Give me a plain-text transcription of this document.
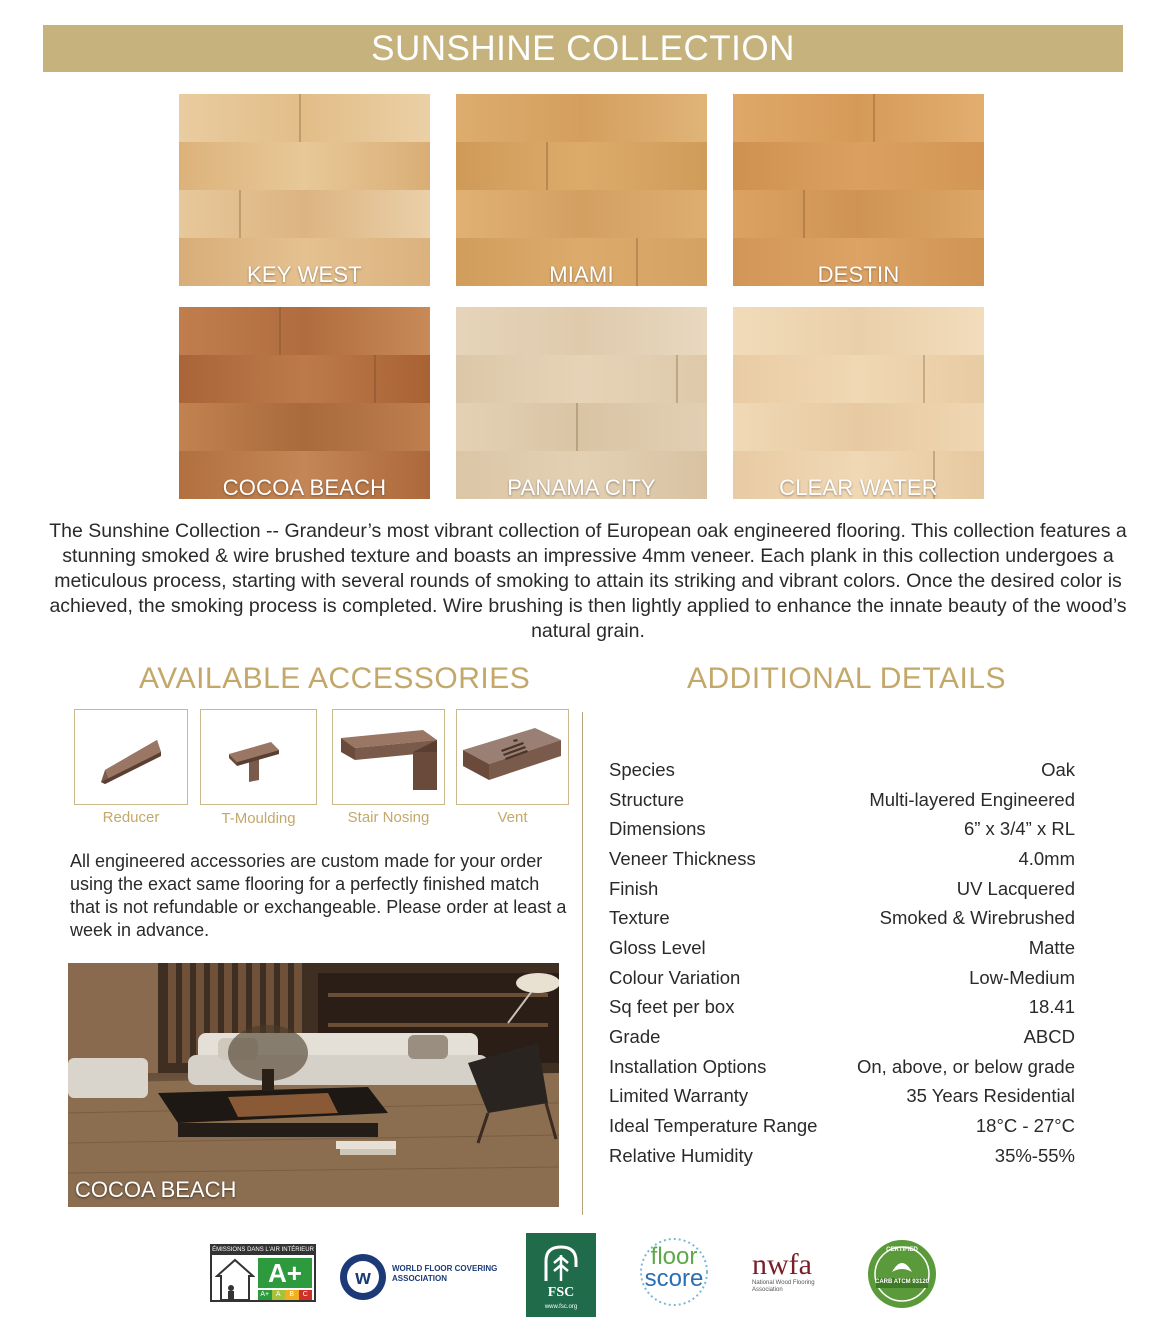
SUNSHINE COLLECTION
KEY WEST	MIAMI	DESTIN
COCOA BEACH	PANAMA CITY	CLEAR WATER

The Sunshine Collection -- Grandeur’s most vibrant collection of European oak engineered flooring. This collection features a stunning smoked & wire brushed texture and boasts an impressive 4mm veneer. Each plank in this collection undergoes a meticulous process, starting with several rounds of smoking to attain its striking and vibrant colors. Once the desired color is achieved, the smoking process is completed. Wire brushing is then lightly applied to enhance the innate beauty of the wood’s natural grain.

AVAILABLE ACCESSORIES	ADDITIONAL DETAILS
Reducer	T-Moulding	Stair Nosing	Vent

All engineered accessories are custom made for your order using the exact same flooring for a perfectly finished match that is not refundable or exchangeable. Please order at least a week in advance.

COCOA BEACH
Species	Oak
Structure	Multi-layered Engineered
Dimensions	6” x 3/4” x RL
Veneer Thickness	4.0mm
Finish	UV Lacquered
Texture	Smoked & Wirebrushed
Gloss Level	Matte
Colour Variation	Low-Medium
Sq feet per box	18.41
Grade	ABCD
Installation Options	On, above, or below grade
Limited Warranty	35 Years Residential
Ideal Temperature Range	18°C - 27°C
Relative Humidity	35%-55%
ÉMISSIONS DANS L'AIR INTÉRIEUR
A+
A+ A	B	C
w	WORLD FLOOR COVERING
ASSOCIATION
FSC
www.fsc.org
floor
score	nwfa
National Wood Flooring Association
CERTIFIED
CARB ATCM 93120
